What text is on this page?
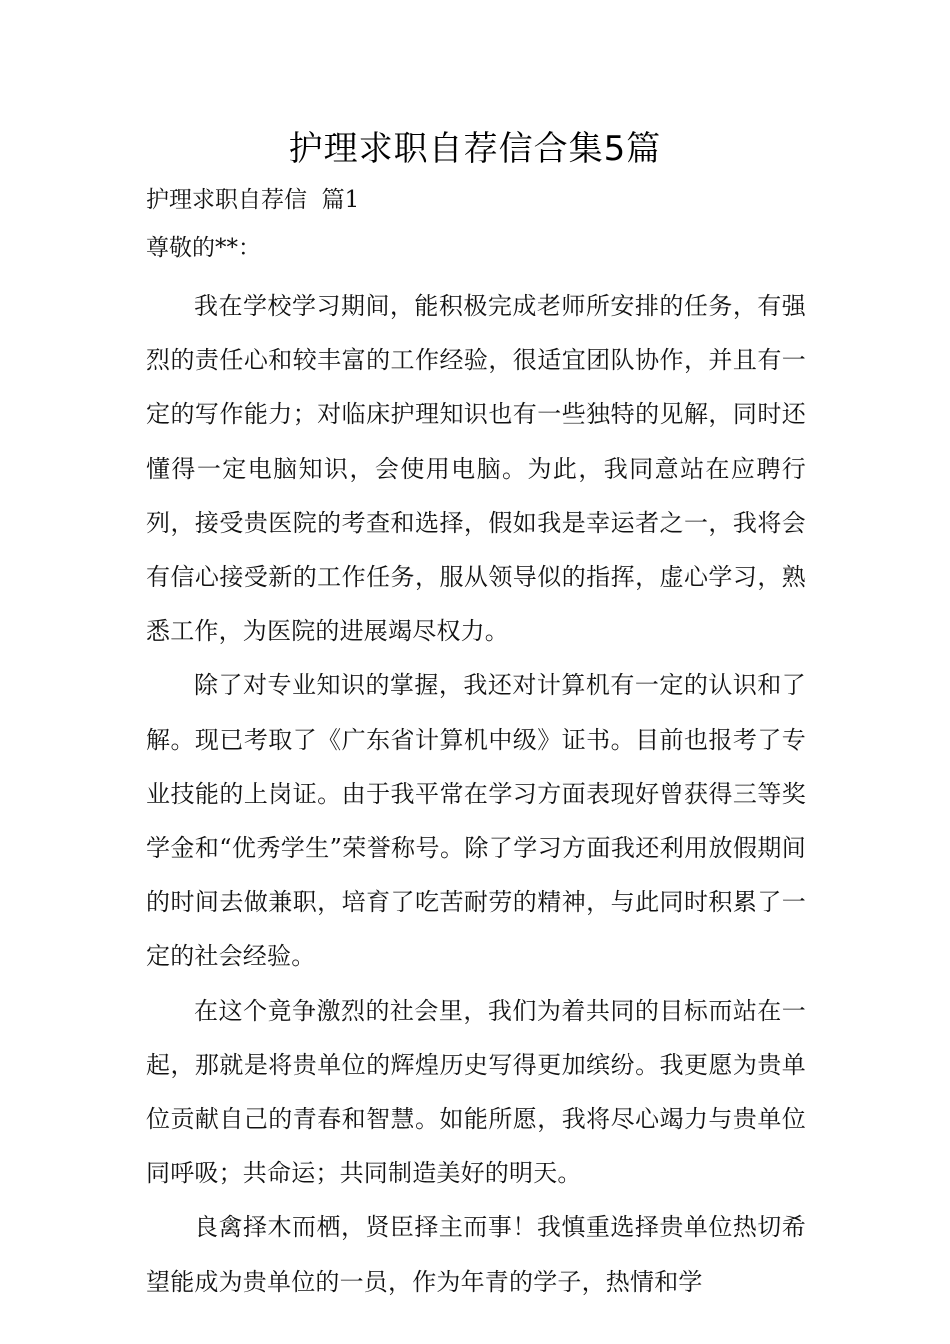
护理求职自荐信合集5篇

护理求职自荐信  篇1

尊敬的**：

我在学校学习期间，能积极完成老师所安排的任务，有强烈的责任心和较丰富的工作经验，很适宜团队协作，并且有一定的写作能力；对临床护理知识也有一些独特的见解，同时还懂得一定电脑知识，会使用电脑。为此，我同意站在应聘行列，接受贵医院的考查和选择，假如我是幸运者之一，我将会有信心接受新的工作任务，服从领导似的指挥，虚心学习，熟悉工作，为医院的进展竭尽权力。

除了对专业知识的掌握，我还对计算机有一定的认识和了解。现已考取了《广东省计算机中级》证书。目前也报考了专业技能的上岗证。由于我平常在学习方面表现好曾获得三等奖学金和“优秀学生”荣誉称号。除了学习方面我还利用放假期间的时间去做兼职，培育了吃苦耐劳的精神，与此同时积累了一定的社会经验。

在这个竟争激烈的社会里，我们为着共同的目标而站在一起，那就是将贵单位的辉煌历史写得更加缤纷。我更愿为贵单位贡献自己的青春和智慧。如能所愿，我将尽心竭力与贵单位同呼吸；共命运；共同制造美好的明天。

良禽择木而栖，贤臣择主而事！我慎重选择贵单位热切希望能成为贵单位的一员，作为年青的学子，热情和学
